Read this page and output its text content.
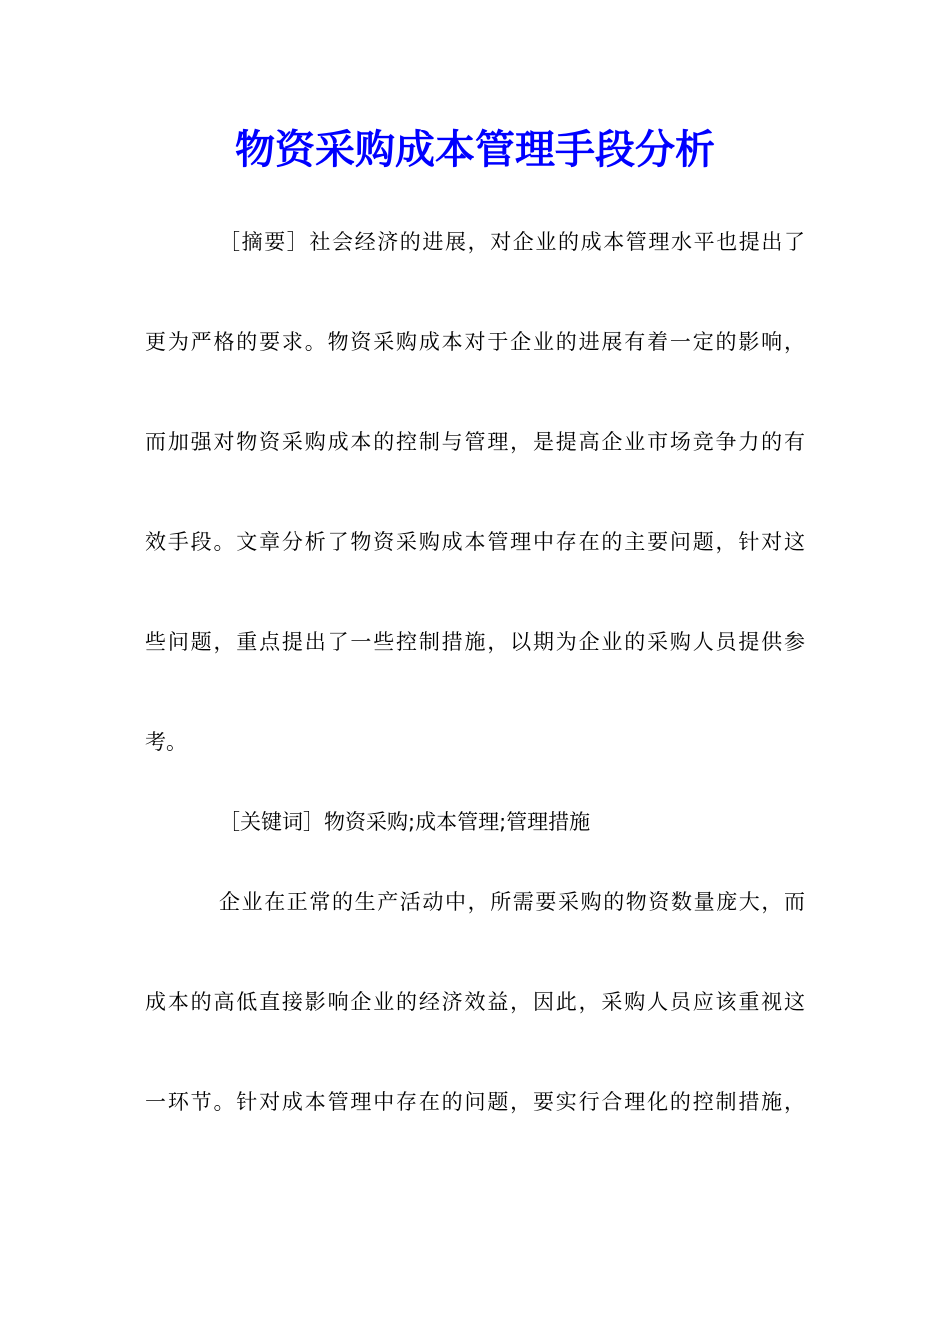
物资采购成本管理手段分析

［摘要］社会经济的进展，对企业的成本管理水平也提出了

更为严格的要求。物资采购成本对于企业的进展有着一定的影响，

而加强对物资采购成本的控制与管理，是提高企业市场竞争力的有

效手段。文章分析了物资采购成本管理中存在的主要问题，针对这

些问题，重点提出了一些控制措施，以期为企业的采购人员提供参

考。

［关键词］物资采购;成本管理;管理措施

企业在正常的生产活动中，所需要采购的物资数量庞大，而

成本的高低直接影响企业的经济效益，因此，采购人员应该重视这

一环节。针对成本管理中存在的问题，要实行合理化的控制措施，
